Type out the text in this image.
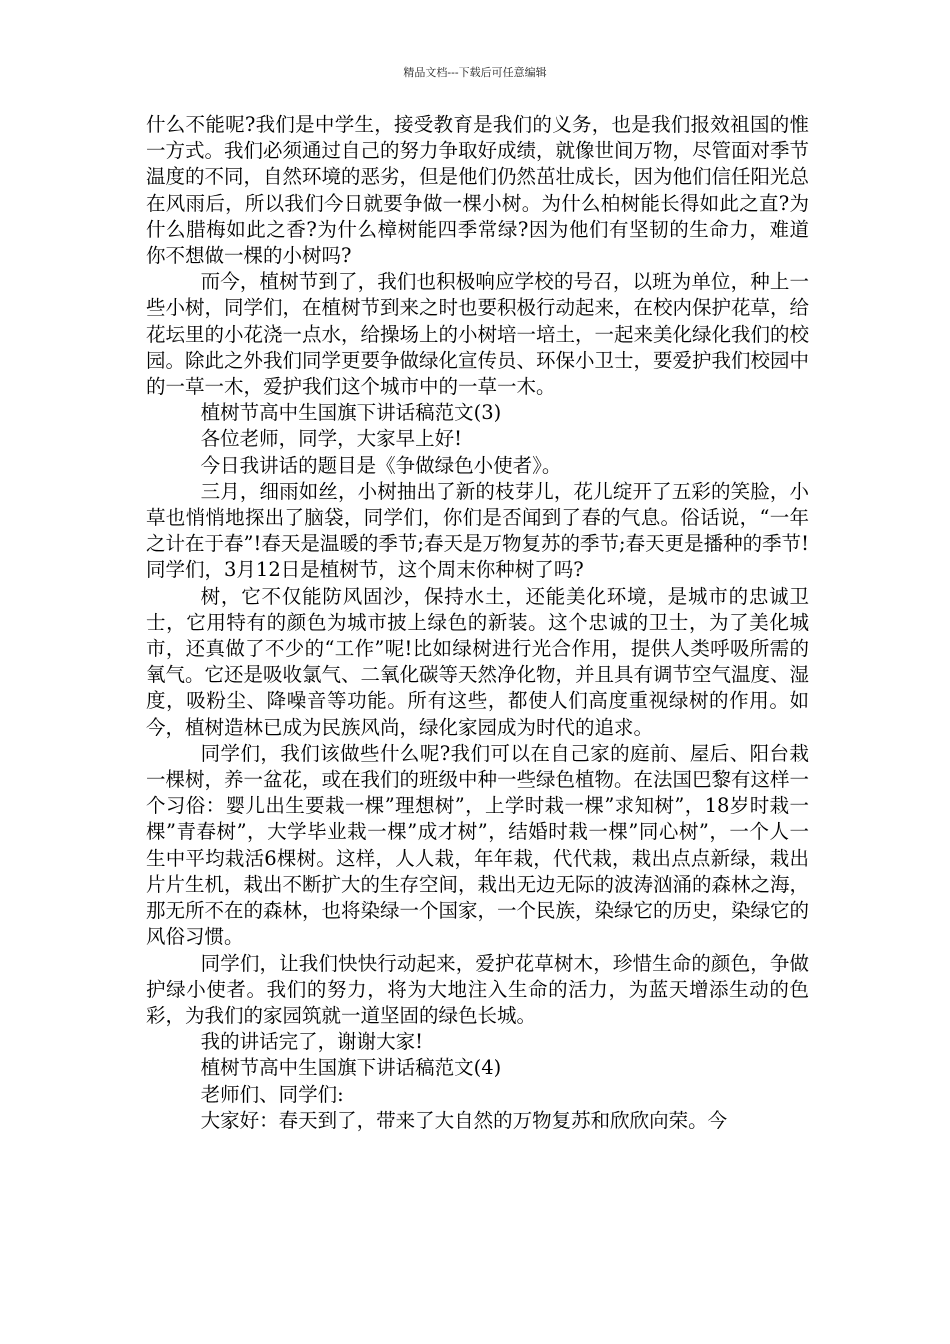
精品文档---下载后可任意编辑

什么不能呢?我们是中学生，接受教育是我们的义务，也是我们报效祖国的惟一方式。我们必须通过自己的努力争取好成绩，就像世间万物，尽管面对季节温度的不同，自然环境的恶劣，但是他们仍然茁壮成长，因为他们信任阳光总在风雨后，所以我们今日就要争做一棵小树。为什么柏树能长得如此之直?为什么腊梅如此之香?为什么樟树能四季常绿?因为他们有坚韧的生命力，难道你不想做一棵的小树吗?

而今，植树节到了，我们也积极响应学校的号召，以班为单位，种上一些小树，同学们，在植树节到来之时也要积极行动起来，在校内保护花草，给花坛里的小花浇一点水，给操场上的小树培一培土，一起来美化绿化我们的校园。除此之外我们同学更要争做绿化宣传员、环保小卫士，要爱护我们校园中的一草一木，爱护我们这个城市中的一草一木。

植树节高中生国旗下讲话稿范文(3)

各位老师，同学，大家早上好!

今日我讲话的题目是《争做绿色小使者》。

三月，细雨如丝，小树抽出了新的枝芽儿，花儿绽开了五彩的笑脸，小草也悄悄地探出了脑袋，同学们，你们是否闻到了春的气息。俗话说，“一年之计在于春”!春天是温暖的季节;春天是万物复苏的季节;春天更是播种的季节!同学们，3月12日是植树节，这个周末你种树了吗?

树，它不仅能防风固沙，保持水土，还能美化环境，是城市的忠诚卫士，它用特有的颜色为城市披上绿色的新装。这个忠诚的卫士，为了美化城市，还真做了不少的“工作”呢!比如绿树进行光合作用，提供人类呼吸所需的氧气。它还是吸收氯气、二氧化碳等天然净化物，并且具有调节空气温度、湿度，吸粉尘、降噪音等功能。所有这些，都使人们高度重视绿树的作用。如今，植树造林已成为民族风尚，绿化家园成为时代的追求。

同学们，我们该做些什么呢?我们可以在自己家的庭前、屋后、阳台栽一棵树，养一盆花，或在我们的班级中种一些绿色植物。在法国巴黎有这样一个习俗：婴儿出生要栽一棵”理想树”，上学时栽一棵”求知树”，18岁时栽一棵”青春树”，大学毕业栽一棵”成才树”，结婚时栽一棵”同心树”，一个人一生中平均栽活6棵树。这样，人人栽，年年栽，代代栽，栽出点点新绿，栽出片片生机，栽出不断扩大的生存空间，栽出无边无际的波涛汹涌的森林之海，那无所不在的森林，也将染绿一个国家，一个民族，染绿它的历史，染绿它的风俗习惯。

同学们，让我们快快行动起来，爱护花草树木，珍惜生命的颜色，争做护绿小使者。我们的努力，将为大地注入生命的活力，为蓝天增添生动的色彩，为我们的家园筑就一道坚固的绿色长城。

我的讲话完了，谢谢大家!

植树节高中生国旗下讲话稿范文(4)

老师们、同学们:

大家好：春天到了，带来了大自然的万物复苏和欣欣向荣。今
